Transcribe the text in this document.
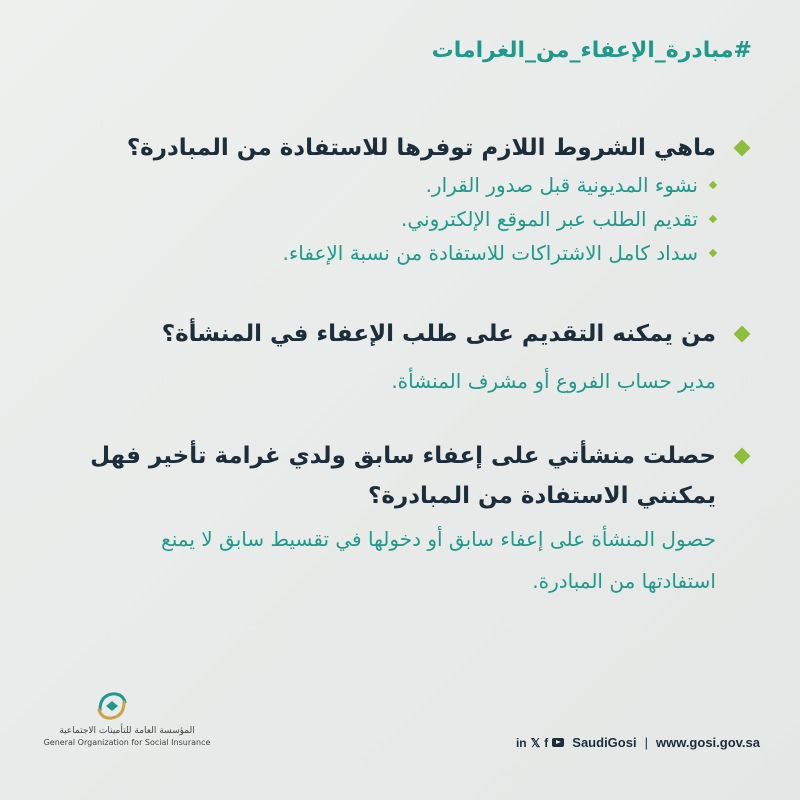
#مبادرة_الإعفاء_من_الغرامات
ماهي الشروط اللازم توفرها للاستفادة من المبادرة؟
نشوء المديونية قبل صدور القرار.
تقديم الطلب عبر الموقع الإلكتروني.
سداد كامل الاشتراكات للاستفادة من نسبة الإعفاء.
من يمكنه التقديم على طلب الإعفاء في المنشأة؟
مدير حساب الفروع أو مشرف المنشأة.
حصلت منشأتي على إعفاء سابق ولدي غرامة تأخير فهل يمكنني الاستفادة من المبادرة؟
حصول المنشأة على إعفاء سابق أو دخولها في تقسيط سابق لا يمنع استفادتها من المبادرة.
المؤسسة العامة للتأمينات الاجتماعية
General Organization for Social Insurance	in 𝕏 f SaudiGosi | www.gosi.gov.sa
